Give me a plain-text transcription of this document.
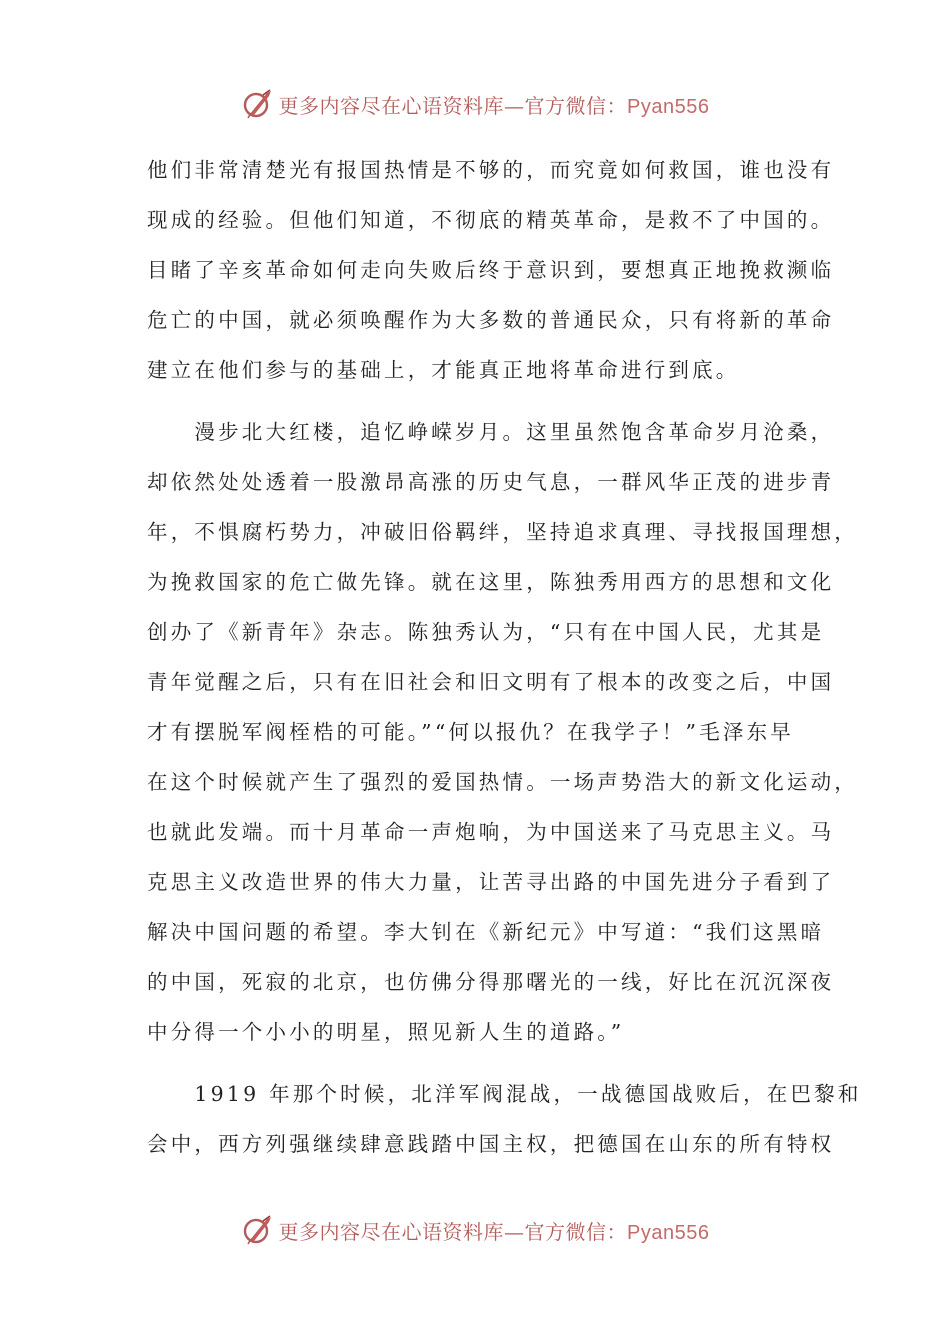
更多内容尽在心语资料库—官方微信：Pyan556

他们非常清楚光有报国热情是不够的，而究竟如何救国，谁也没有

现成的经验。但他们知道，不彻底的精英革命，是救不了中国的。

目睹了辛亥革命如何走向失败后终于意识到，要想真正地挽救濒临

危亡的中国，就必须唤醒作为大多数的普通民众，只有将新的革命

建立在他们参与的基础上，才能真正地将革命进行到底。

　　漫步北大红楼，追忆峥嵘岁月。这里虽然饱含革命岁月沧桑，

却依然处处透着一股激昂高涨的历史气息，一群风华正茂的进步青

年，不惧腐朽势力，冲破旧俗羁绊，坚持追求真理、寻找报国理想，

为挽救国家的危亡做先锋。就在这里，陈独秀用西方的思想和文化

创办了《新青年》杂志。陈独秀认为，“只有在中国人民，尤其是

青年觉醒之后，只有在旧社会和旧文明有了根本的改变之后，中国

才有摆脱军阀桎梏的可能。”“何以报仇？在我学子！”毛泽东早

在这个时候就产生了强烈的爱国热情。一场声势浩大的新文化运动，

也就此发端。而十月革命一声炮响，为中国送来了马克思主义。马

克思主义改造世界的伟大力量，让苦寻出路的中国先进分子看到了

解决中国问题的希望。李大钊在《新纪元》中写道：“我们这黑暗

的中国，死寂的北京，也仿佛分得那曙光的一线，好比在沉沉深夜

中分得一个小小的明星，照见新人生的道路。”

　　1919 年那个时候，北洋军阀混战，一战德国战败后，在巴黎和

会中，西方列强继续肆意践踏中国主权，把德国在山东的所有特权

更多内容尽在心语资料库—官方微信：Pyan556
